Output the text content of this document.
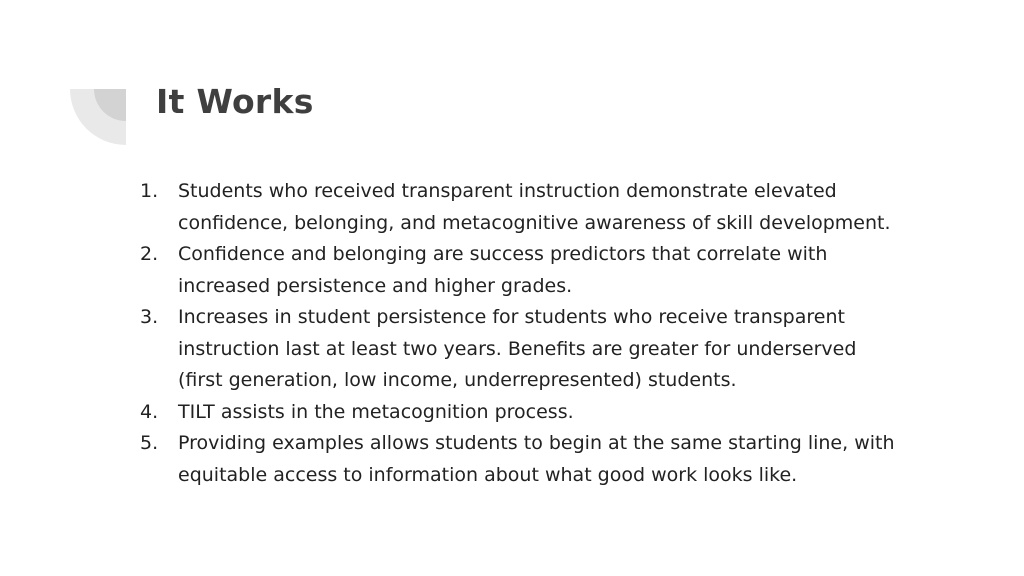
It Works
1.	Students who received transparent instruction demonstrate elevated confidence, belonging, and metacognitive awareness of skill development.
2.	Confidence and belonging are success predictors that correlate with increased persistence and higher grades.
3.	Increases in student persistence for students who receive transparent instruction last at least two years. Benefits are greater for underserved (first generation, low income, underrepresented) students.
4.	TILT assists in the metacognition process.
5.	Providing examples allows students to begin at the same starting line, with equitable access to information about what good work looks like.
